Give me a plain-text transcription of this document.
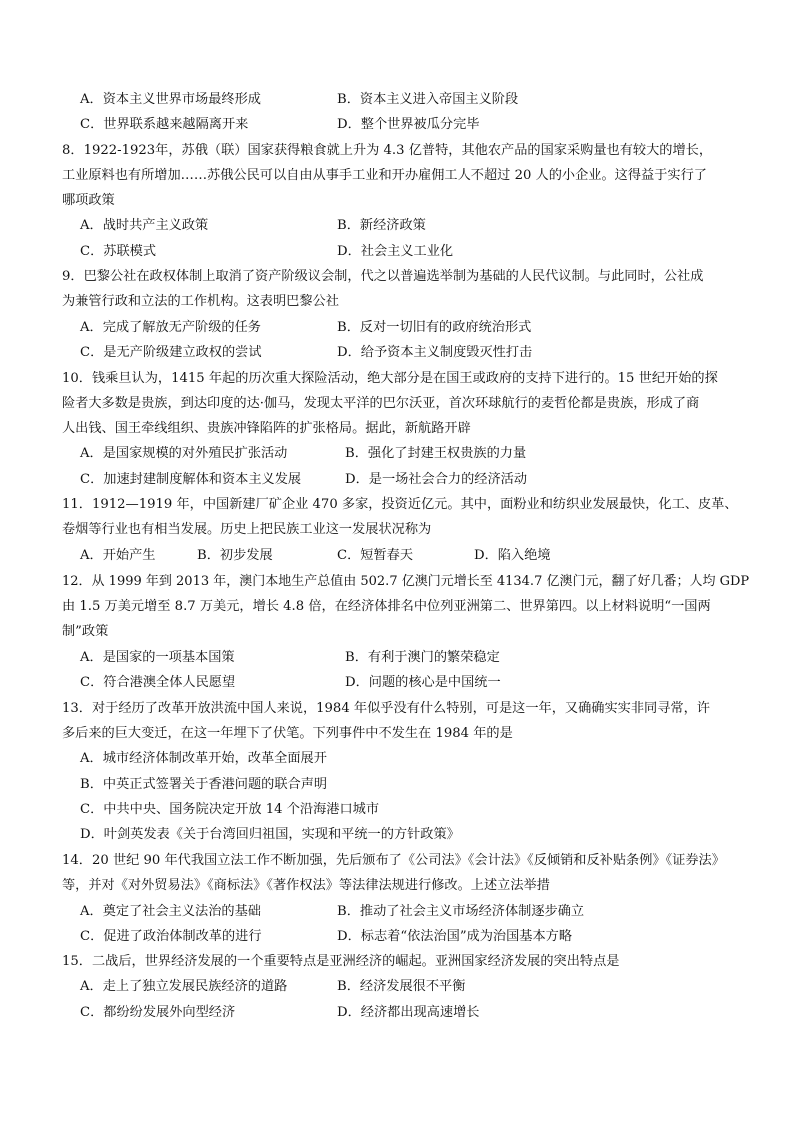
A．资本主义世界市场最终形成	B．资本主义进入帝国主义阶段
C．世界联系越来越隔离开来	D．整个世界被瓜分完毕
8．1922-1923年，苏俄（联）国家获得粮食就上升为 4.3 亿普特，其他农产品的国家采购量也有较大的增长，
工业原料也有所增加……苏俄公民可以自由从事手工业和开办雇佣工人不超过 20 人的小企业。这得益于实行了
哪项政策
A．战时共产主义政策	B．新经济政策
C．苏联模式	D．社会主义工业化
9．巴黎公社在政权体制上取消了资产阶级议会制，代之以普遍选举制为基础的人民代议制。与此同时，公社成
为兼管行政和立法的工作机构。这表明巴黎公社
A．完成了解放无产阶级的任务	B．反对一切旧有的政府统治形式
C．是无产阶级建立政权的尝试	D．给予资本主义制度毁灭性打击
10．钱乘旦认为，1415 年起的历次重大探险活动，绝大部分是在国王或政府的支持下进行的。15 世纪开始的探
险者大多数是贵族，到达印度的达·伽马，发现太平洋的巴尔沃亚，首次环球航行的麦哲伦都是贵族，形成了商
人出钱、国王牵线组织、贵族冲锋陷阵的扩张格局。据此，新航路开辟
A．是国家规模的对外殖民扩张活动	B．强化了封建王权贵族的力量
C．加速封建制度解体和资本主义发展	D．是一场社会合力的经济活动
11．1912—1919 年，中国新建厂矿企业 470 多家，投资近亿元。其中，面粉业和纺织业发展最快，化工、皮革、
卷烟等行业也有相当发展。历史上把民族工业这一发展状况称为
A．开始产生	B．初步发展	C．短暂春天	D．陷入绝境
12．从 1999 年到 2013 年，澳门本地生产总值由 502.7 亿澳门元增长至 4134.7 亿澳门元，翻了好几番；人均 GDP
由 1.5 万美元增至 8.7 万美元，增长 4.8 倍，在经济体排名中位列亚洲第二、世界第四。以上材料说明“一国两
制”政策
A．是国家的一项基本国策	B．有利于澳门的繁荣稳定
C．符合港澳全体人民愿望	D．问题的核心是中国统一
13．对于经历了改革开放洪流中国人来说，1984 年似乎没有什么特别，可是这一年，又确确实实非同寻常，许
多后来的巨大变迁，在这一年埋下了伏笔。下列事件中不发生在 1984 年的是
A．城市经济体制改革开始，改革全面展开
B．中英正式签署关于香港问题的联合声明
C．中共中央、国务院决定开放 14 个沿海港口城市
D．叶剑英发表《关于台湾回归祖国，实现和平统一的方针政策》
14．20 世纪 90 年代我国立法工作不断加强，先后颁布了《公司法》《会计法》《反倾销和反补贴条例》《证券法》
等，并对《对外贸易法》《商标法》《著作权法》等法律法规进行修改。上述立法举措
A．奠定了社会主义法治的基础	B．推动了社会主义市场经济体制逐步确立
C．促进了政治体制改革的进行	D．标志着“依法治国”成为治国基本方略
15．二战后，世界经济发展的一个重要特点是亚洲经济的崛起。亚洲国家经济发展的突出特点是
A．走上了独立发展民族经济的道路	B．经济发展很不平衡
C．都纷纷发展外向型经济	D．经济都出现高速增长
